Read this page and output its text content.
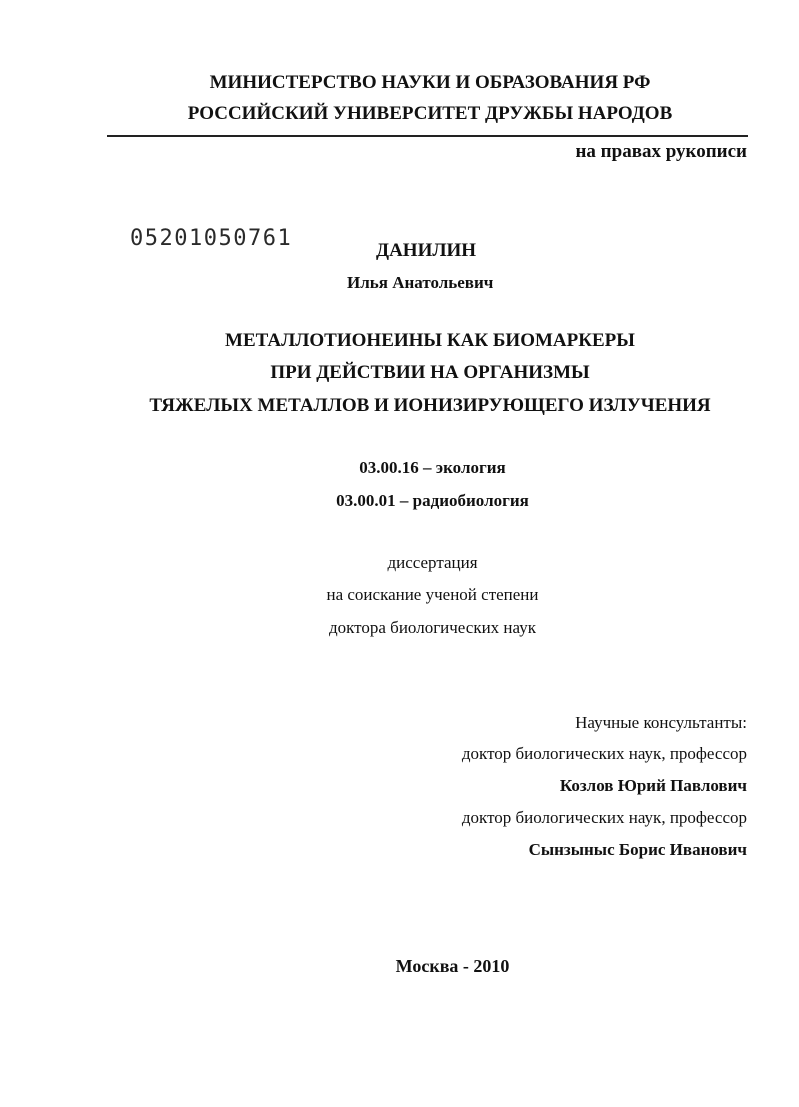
МИНИСТЕРСТВО НАУКИ И ОБРАЗОВАНИЯ РФ
РОССИЙСКИЙ УНИВЕРСИТЕТ ДРУЖБЫ НАРОДОВ
на правах рукописи
05201050761	ДАНИЛИН
Илья Анатольевич
МЕТАЛЛОТИОНЕИНЫ КАК БИОМАРКЕРЫ
ПРИ ДЕЙСТВИИ НА ОРГАНИЗМЫ
ТЯЖЕЛЫХ МЕТАЛЛОВ И ИОНИЗИРУЮЩЕГО ИЗЛУЧЕНИЯ
03.00.16 – экология
03.00.01 – радиобиология
диссертация
на соискание ученой степени
доктора биологических наук
Научные консультанты:
доктор биологических наук, профессор
Козлов Юрий Павлович
доктор биологических наук, профессор
Сынзыныс Борис Иванович
Москва - 2010
